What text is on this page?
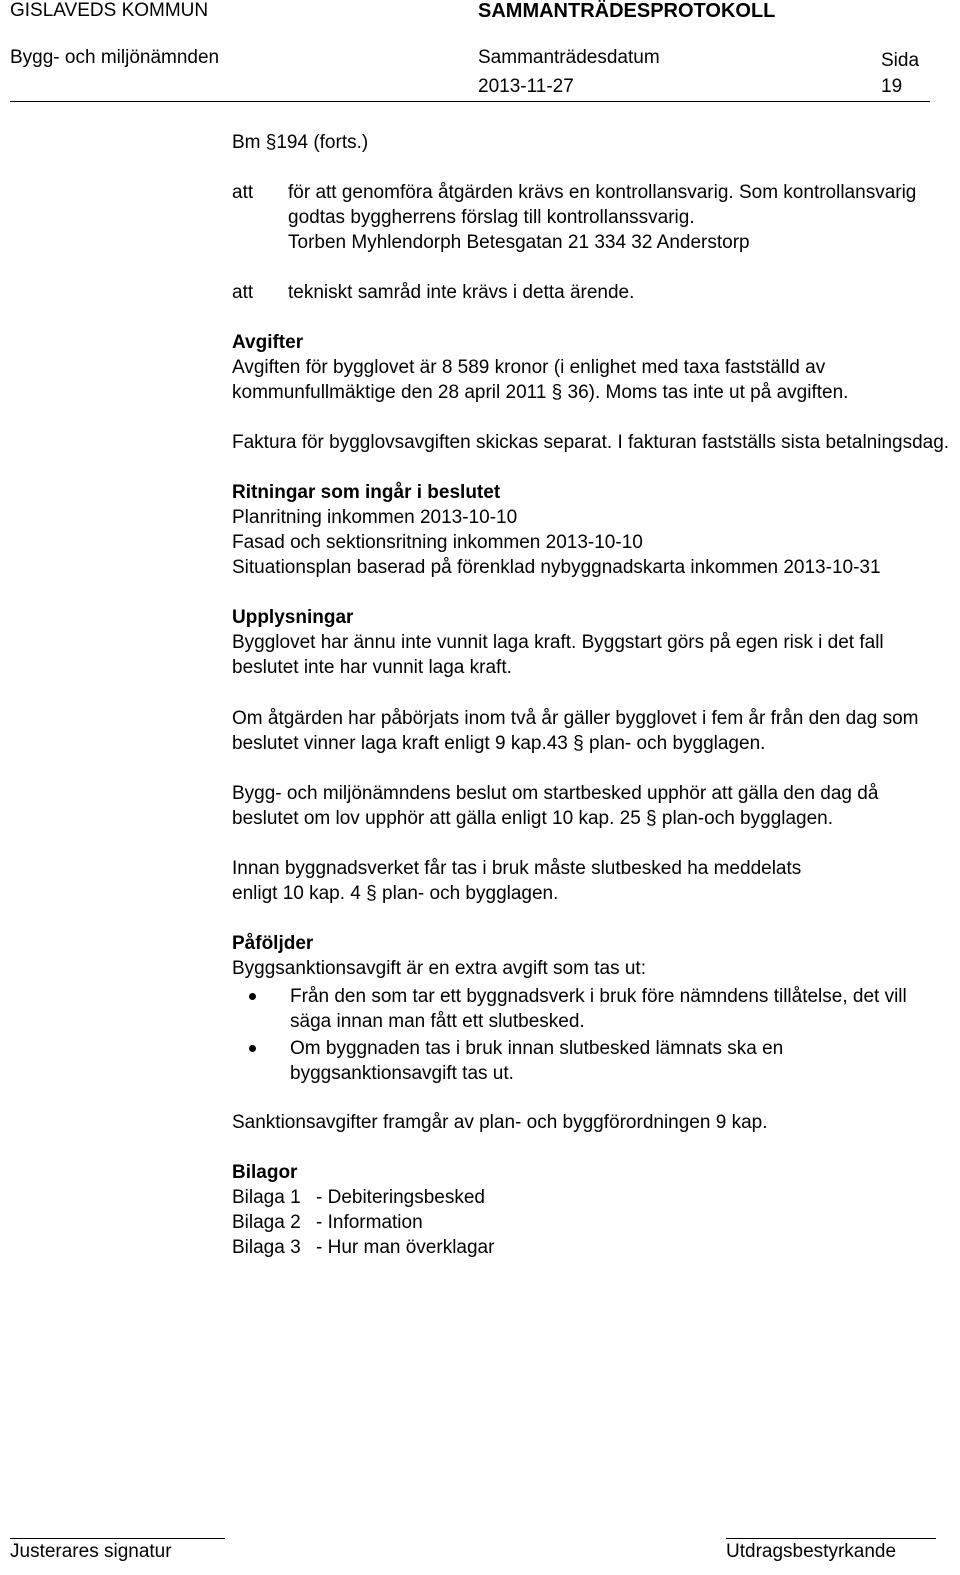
GISLAVEDS KOMMUN	SAMMANTRÄDESPROTOKOLL
Bygg- och miljönämnden	Sammanträdesdatum	Sida
2013-11-27	19
Bm §194 (forts.)
att för att genomföra åtgärden krävs en kontrollansvarig. Som kontrollansvarig
godtas byggherrens förslag till kontrollanssvarig.
Torben Myhlendorph Betesgatan 21 334 32 Anderstorp
att tekniskt samråd inte krävs i detta ärende.
Avgifter
Avgiften för bygglovet är 8 589 kronor (i enlighet med taxa fastställd av
kommunfullmäktige den 28 april 2011 § 36). Moms tas inte ut på avgiften.
Faktura för bygglovsavgiften skickas separat. I fakturan fastställs sista betalningsdag.
Ritningar som ingår i beslutet
Planritning inkommen 2013-10-10
Fasad och sektionsritning inkommen 2013-10-10
Situationsplan baserad på förenklad nybyggnadskarta inkommen 2013-10-31
Upplysningar
Bygglovet har ännu inte vunnit laga kraft. Byggstart görs på egen risk i det fall
beslutet inte har vunnit laga kraft.
Om åtgärden har påbörjats inom två år gäller bygglovet i fem år från den dag som
beslutet vinner laga kraft enligt 9 kap.43 § plan- och bygglagen.
Bygg- och miljönämndens beslut om startbesked upphör att gälla den dag då
beslutet om lov upphör att gälla enligt 10 kap. 25 § plan-och bygglagen.
Innan byggnadsverket får tas i bruk måste slutbesked ha meddelats
enligt 10 kap. 4 § plan- och bygglagen.
Påföljder
Byggsanktionsavgift är en extra avgift som tas ut:
Från den som tar ett byggnadsverk i bruk före nämndens tillåtelse, det vill
säga innan man fått ett slutbesked.
Om byggnaden tas i bruk innan slutbesked lämnats ska en
byggsanktionsavgift tas ut.
Sanktionsavgifter framgår av plan- och byggförordningen 9 kap.
Bilagor
Bilaga 1 - Debiteringsbesked
Bilaga 2 - Information
Bilaga 3 - Hur man överklagar
Justerares signatur	Utdragsbestyrkande
